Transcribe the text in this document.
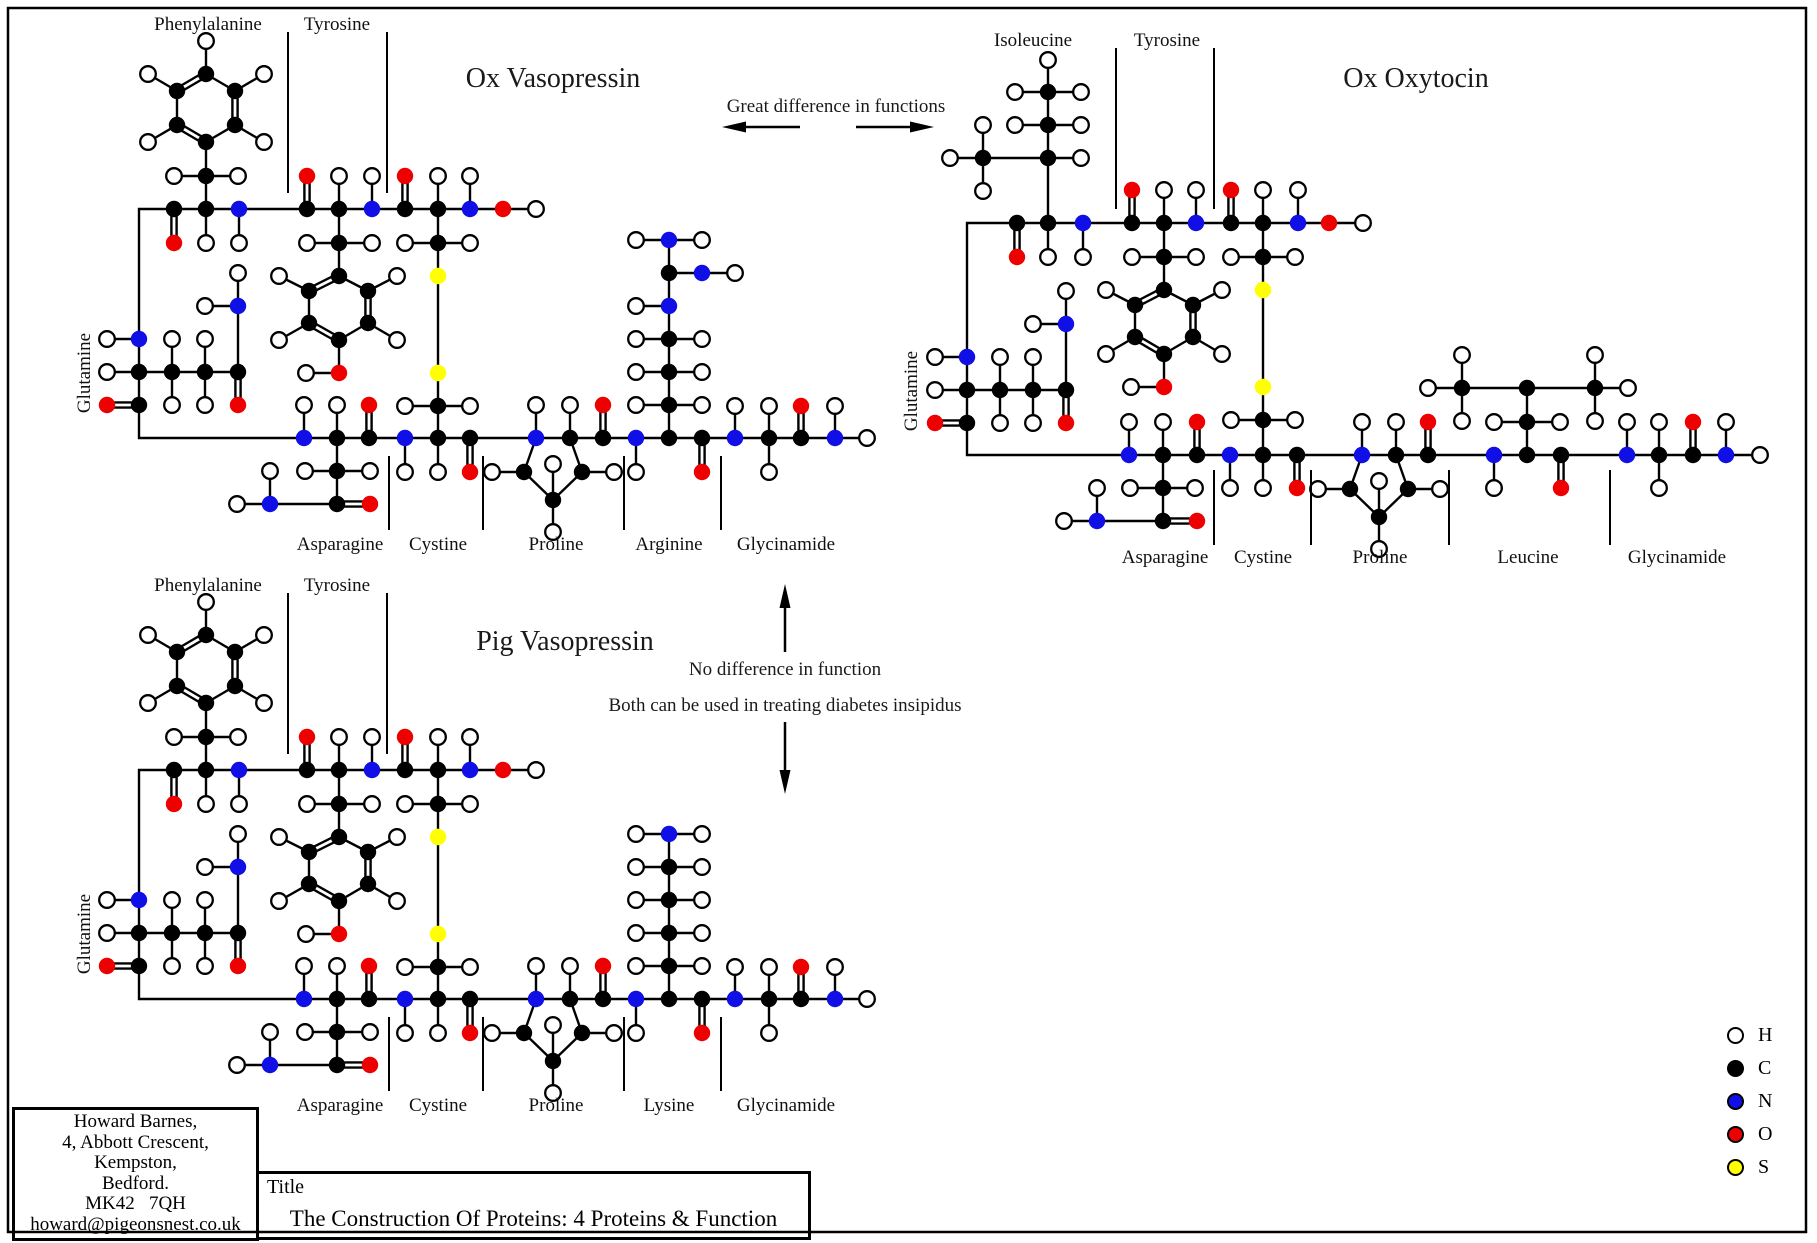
Asparagine Cystine	Proline	Arginine Glycinamide
Phenylalanine Tyrosine
Glutamine
Asparagine Cystine	Proline	Leucine	Glycinamide
Isoleucine	Tyrosine
Glutamine
Asparagine Cystine	Proline	Lysine Glycinamide
Phenylalanine Tyrosine
Glutamine
Ox Vasopressin	Ox Oxytocin
Pig Vasopressin
Great difference in functions
No difference in function
Both can be used in treating diabetes insipidus
H
C
N
O
S
Howard Barnes,
4, Abbott Crescent,
Kempston,
Bedford.
MK42   7QH
howard@pigeonsnest.co.uk
Title
The Construction Of Proteins: 4 Proteins & Function
